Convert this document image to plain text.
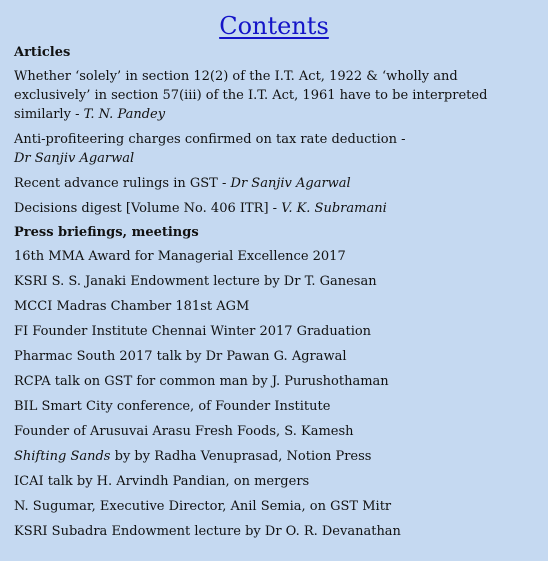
Contents
Articles
Whether ‘solely’ in section 12(2) of the I.T. Act, 1922 & ‘wholly and exclusively’ in section 57(iii) of the I.T. Act, 1961 have to be interpreted similarly - T. N. Pandey
Anti-profiteering charges confirmed on tax rate deduction -
Dr Sanjiv Agarwal
Recent advance rulings in GST - Dr Sanjiv Agarwal
Decisions digest [Volume No. 406 ITR] - V. K. Subramani
Press briefings, meetings
16th MMA Award for Managerial Excellence 2017
KSRI S. S. Janaki Endowment lecture by Dr T. Ganesan
MCCI Madras Chamber 181st AGM
FI Founder Institute Chennai Winter 2017 Graduation
Pharmac South 2017 talk by Dr Pawan G. Agrawal
RCPA talk on GST for common man by J. Purushothaman
BIL Smart City conference, of Founder Institute
Founder of Arusuvai Arasu Fresh Foods, S. Kamesh
Shifting Sands by by Radha Venuprasad, Notion Press
ICAI talk by H. Arvindh Pandian, on mergers
N. Sugumar, Executive Director, Anil Semia, on GST Mitr
KSRI Subadra Endowment lecture by Dr O. R. Devanathan
